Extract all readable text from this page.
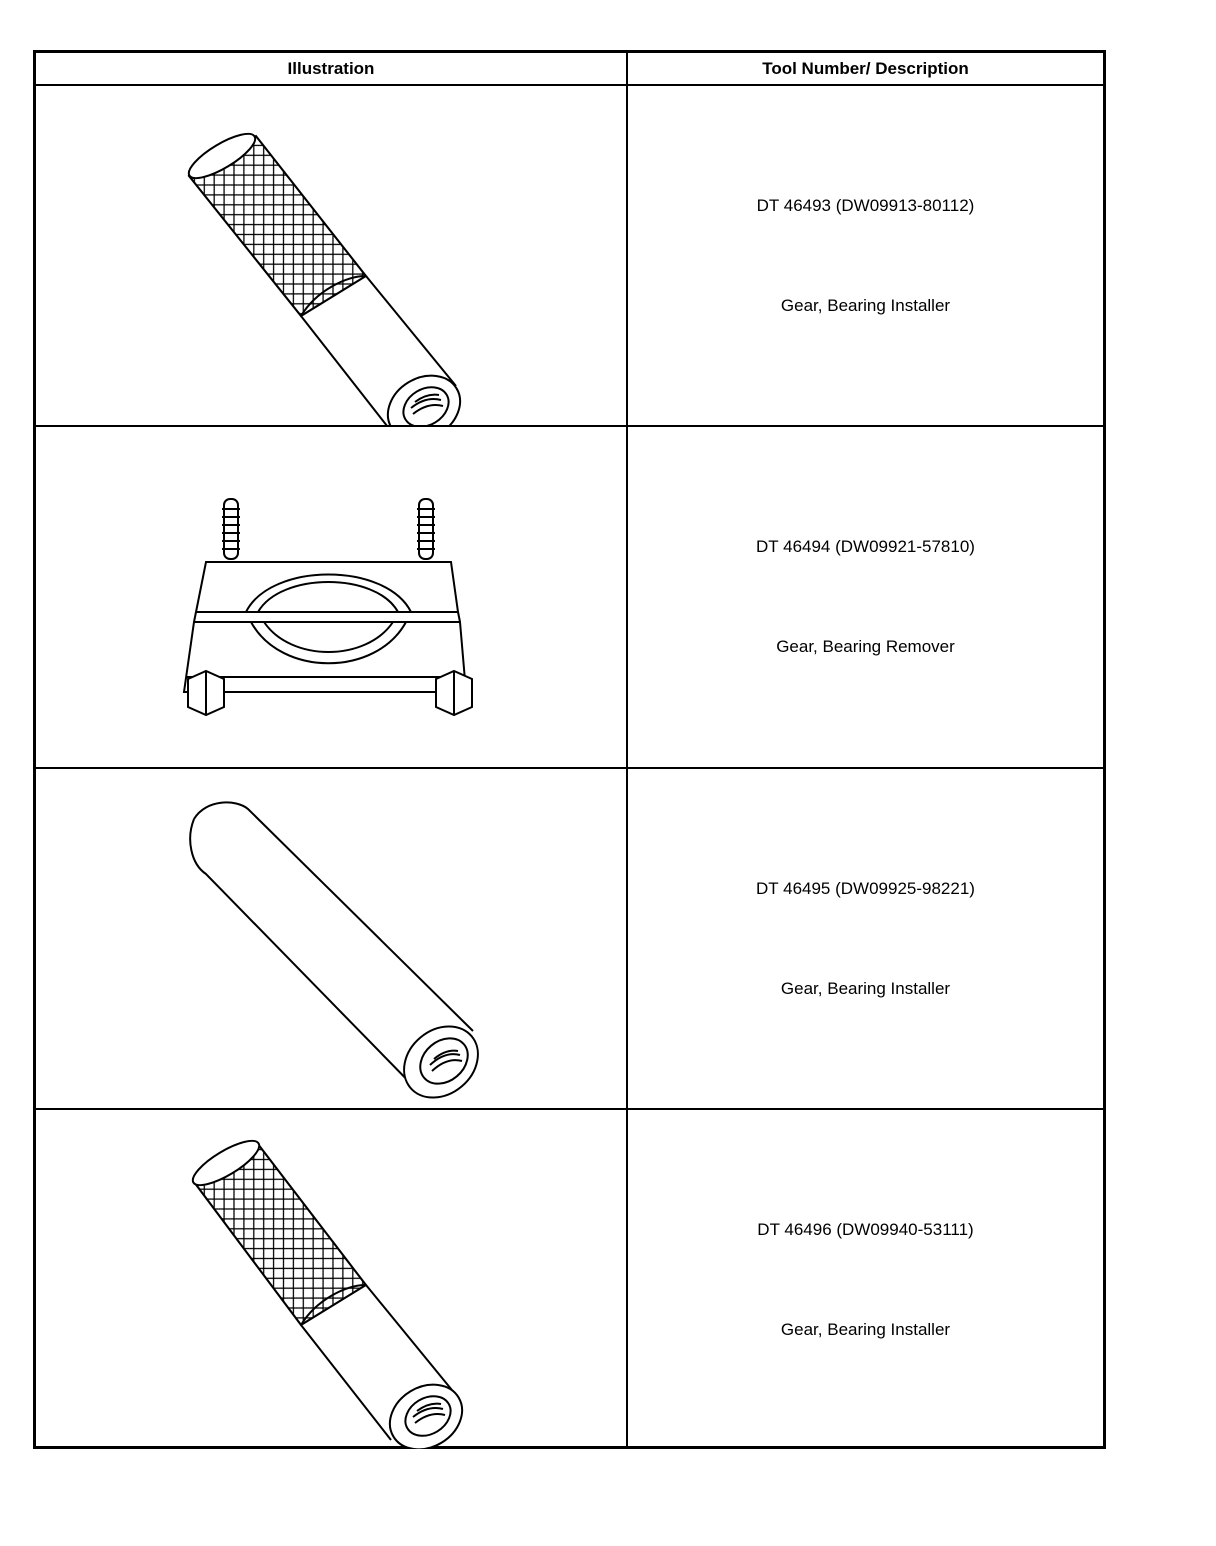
Illustration	Tool Number/ Description
DT 46493 (DW09913-80112)
Gear, Bearing Installer
DT 46494 (DW09921-57810)
Gear, Bearing Remover
DT 46495 (DW09925-98221)
Gear, Bearing Installer
DT 46496 (DW09940-53111)
Gear, Bearing Installer
